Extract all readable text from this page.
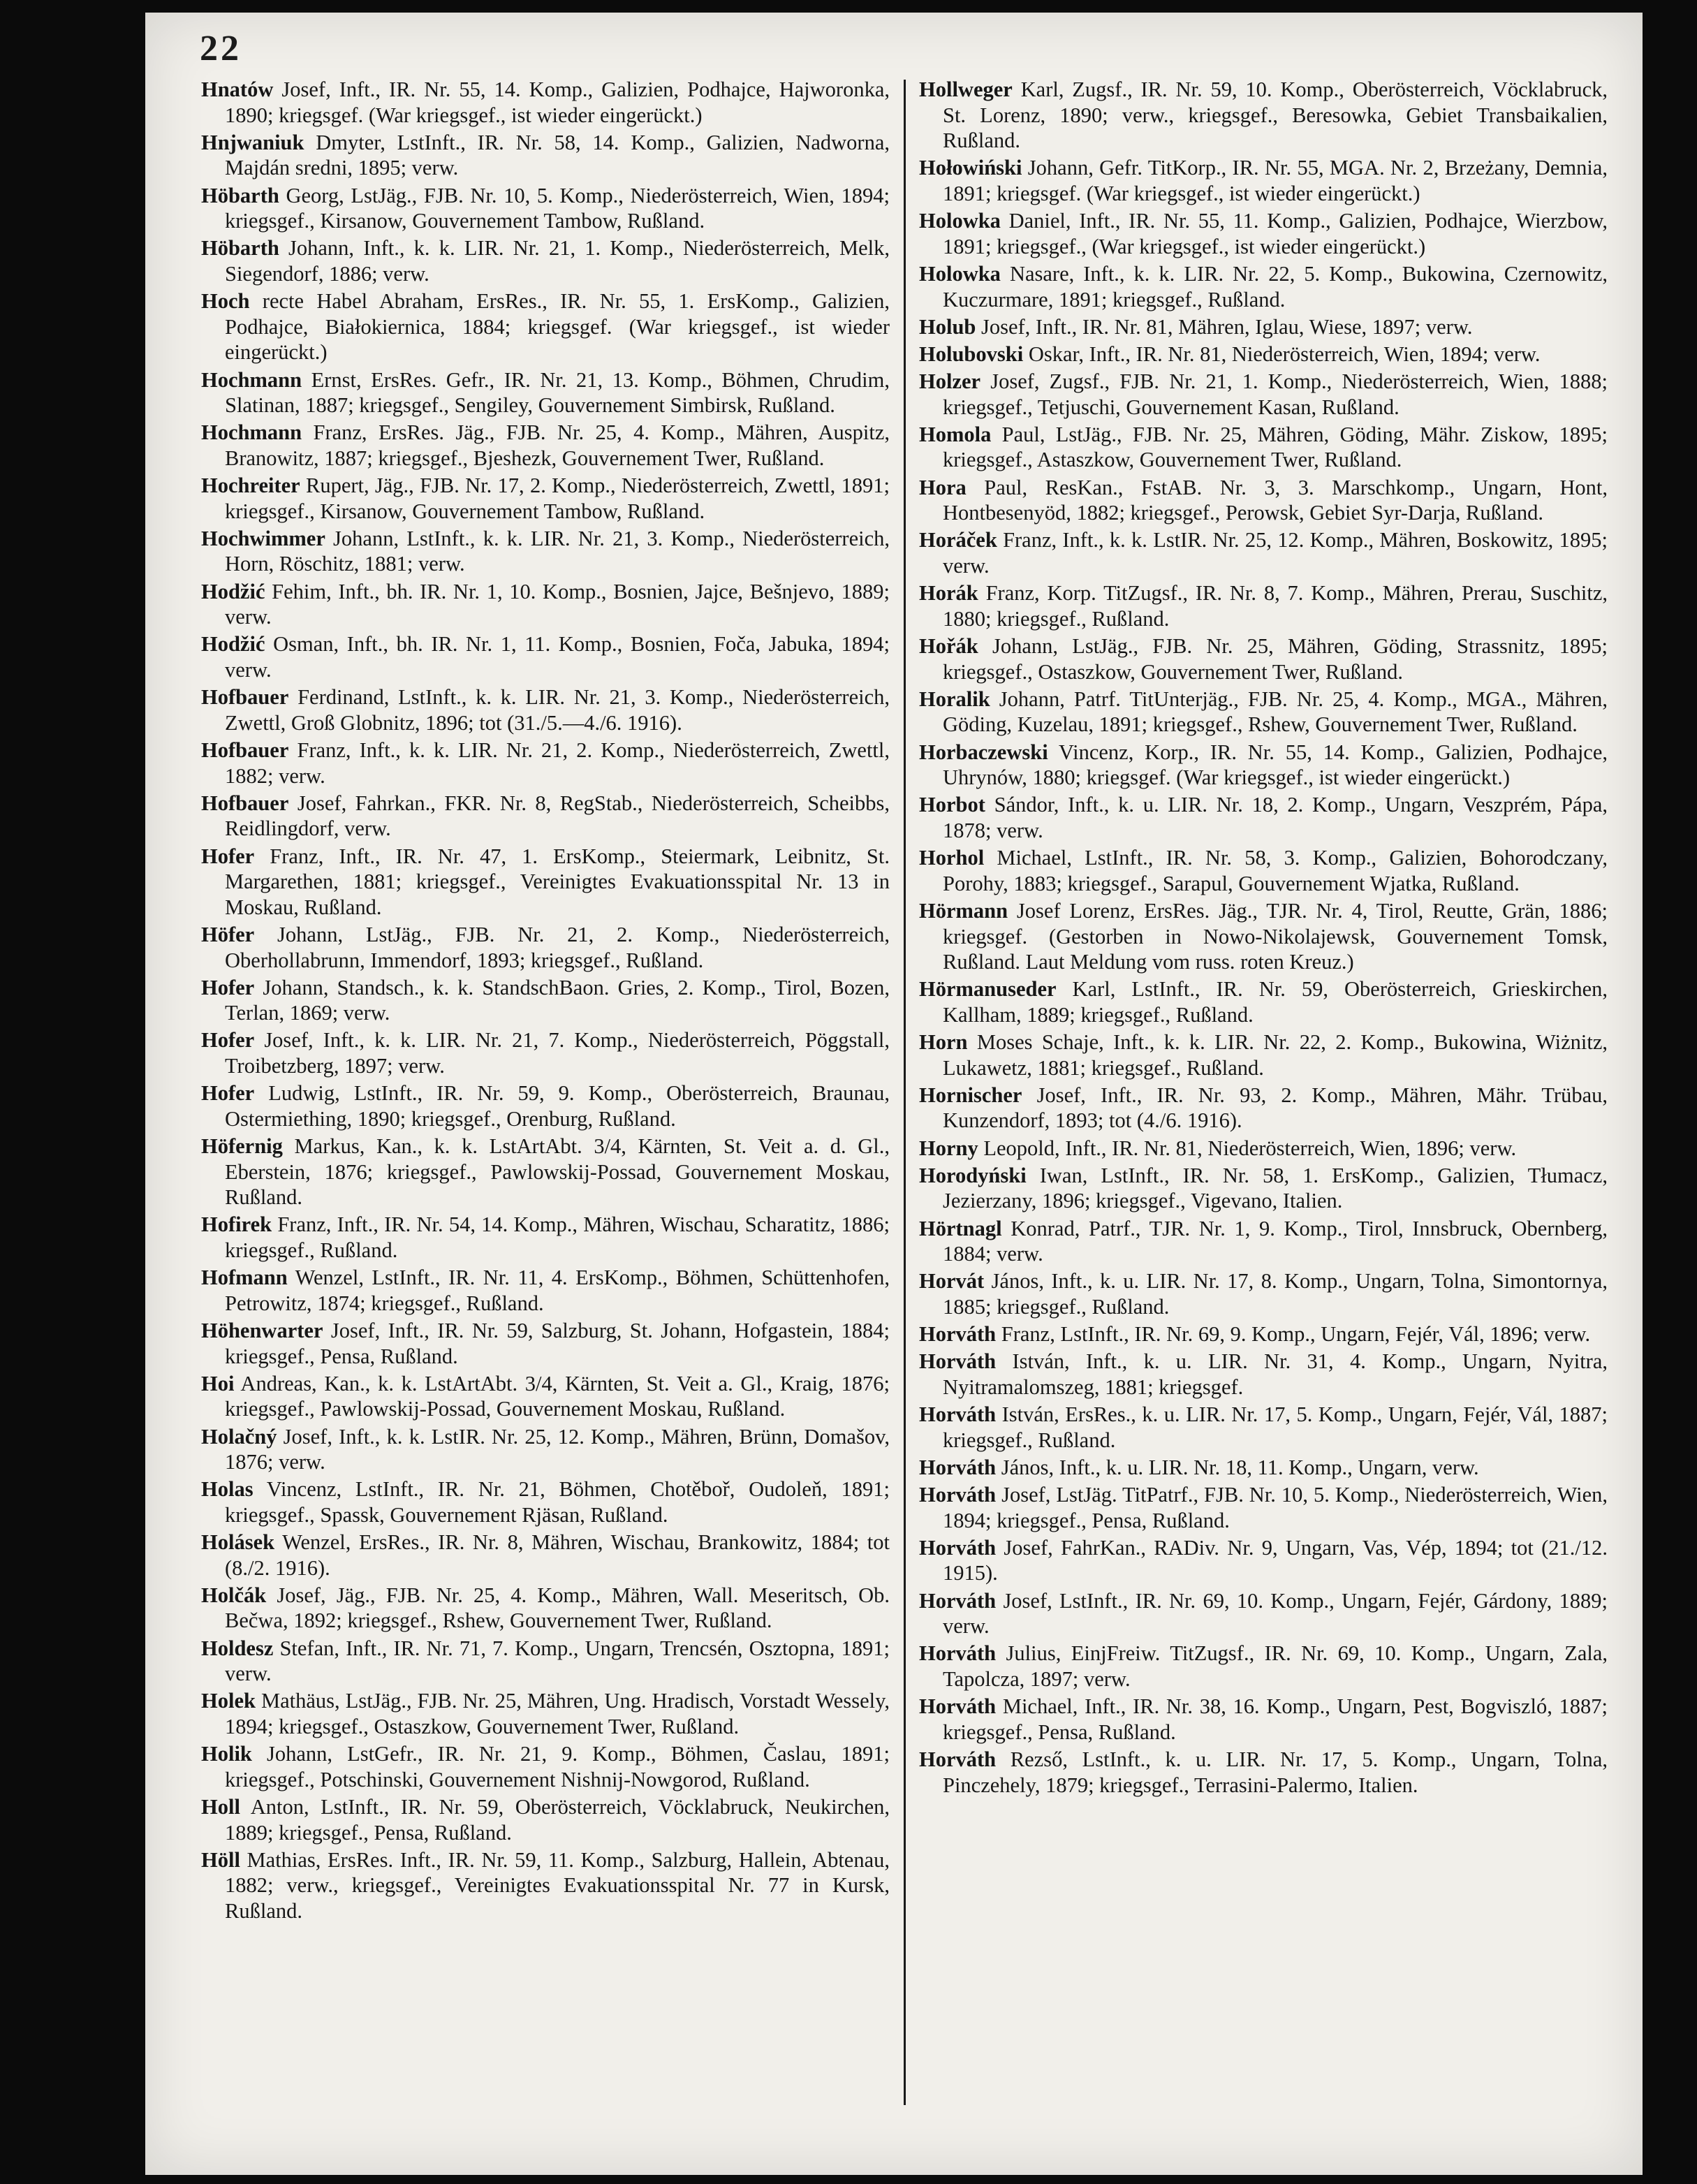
22

Hnatów Josef, Inft., IR. Nr. 55, 14. Komp., Galizien, Podhajce, Hajworonka, 1890; kriegsgef. (War kriegsgef., ist wieder eingerückt.)

Hnjwaniuk Dmyter, LstInft., IR. Nr. 58, 14. Komp., Galizien, Nadworna, Majdán sredni, 1895; verw.

Höbarth Georg, LstJäg., FJB. Nr. 10, 5. Komp., Niederösterreich, Wien, 1894; kriegsgef., Kirsanow, Gouvernement Tambow, Rußland.

Höbarth Johann, Inft., k. k. LIR. Nr. 21, 1. Komp., Niederösterreich, Melk, Siegendorf, 1886; verw.

Hoch recte Habel Abraham, ErsRes., IR. Nr. 55, 1. ErsKomp., Galizien, Podhajce, Białokiernica, 1884; kriegsgef. (War kriegsgef., ist wieder eingerückt.)

Hochmann Ernst, ErsRes. Gefr., IR. Nr. 21, 13. Komp., Böhmen, Chrudim, Slatinan, 1887; kriegsgef., Sengiley, Gouvernement Simbirsk, Rußland.

Hochmann Franz, ErsRes. Jäg., FJB. Nr. 25, 4. Komp., Mähren, Auspitz, Branowitz, 1887; kriegsgef., Bjeshezk, Gouvernement Twer, Rußland.

Hochreiter Rupert, Jäg., FJB. Nr. 17, 2. Komp., Niederösterreich, Zwettl, 1891; kriegsgef., Kirsanow, Gouvernement Tambow, Rußland.

Hochwimmer Johann, LstInft., k. k. LIR. Nr. 21, 3. Komp., Niederösterreich, Horn, Röschitz, 1881; verw.

Hodžić Fehim, Inft., bh. IR. Nr. 1, 10. Komp., Bosnien, Jajce, Bešnjevo, 1889; verw.

Hodžić Osman, Inft., bh. IR. Nr. 1, 11. Komp., Bosnien, Foča, Jabuka, 1894; verw.

Hofbauer Ferdinand, LstInft., k. k. LIR. Nr. 21, 3. Komp., Niederösterreich, Zwettl, Groß Globnitz, 1896; tot (31./5.—4./6. 1916).

Hofbauer Franz, Inft., k. k. LIR. Nr. 21, 2. Komp., Niederösterreich, Zwettl, 1882; verw.

Hofbauer Josef, Fahrkan., FKR. Nr. 8, RegStab., Niederösterreich, Scheibbs, Reidlingdorf, verw.

Hofer Franz, Inft., IR. Nr. 47, 1. ErsKomp., Steiermark, Leibnitz, St. Margarethen, 1881; kriegsgef., Vereinigtes Evakuationsspital Nr. 13 in Moskau, Rußland.

Höfer Johann, LstJäg., FJB. Nr. 21, 2. Komp., Niederösterreich, Oberhollabrunn, Immendorf, 1893; kriegsgef., Rußland.

Hofer Johann, Standsch., k. k. StandschBaon. Gries, 2. Komp., Tirol, Bozen, Terlan, 1869; verw.

Hofer Josef, Inft., k. k. LIR. Nr. 21, 7. Komp., Niederösterreich, Pöggstall, Troibetzberg, 1897; verw.

Hofer Ludwig, LstInft., IR. Nr. 59, 9. Komp., Oberösterreich, Braunau, Ostermiething, 1890; kriegsgef., Orenburg, Rußland.

Höfernig Markus, Kan., k. k. LstArtAbt. 3/4, Kärnten, St. Veit a. d. Gl., Eberstein, 1876; kriegsgef., Pawlowskij-Possad, Gouvernement Moskau, Rußland.

Hofirek Franz, Inft., IR. Nr. 54, 14. Komp., Mähren, Wischau, Scharatitz, 1886; kriegsgef., Rußland.

Hofmann Wenzel, LstInft., IR. Nr. 11, 4. ErsKomp., Böhmen, Schüttenhofen, Petrowitz, 1874; kriegsgef., Rußland.

Höhenwarter Josef, Inft., IR. Nr. 59, Salzburg, St. Johann, Hofgastein, 1884; kriegsgef., Pensa, Rußland.

Hoi Andreas, Kan., k. k. LstArtAbt. 3/4, Kärnten, St. Veit a. Gl., Kraig, 1876; kriegsgef., Pawlowskij-Possad, Gouvernement Moskau, Rußland.

Holačný Josef, Inft., k. k. LstIR. Nr. 25, 12. Komp., Mähren, Brünn, Domašov, 1876; verw.

Holas Vincenz, LstInft., IR. Nr. 21, Böhmen, Chotěboř, Oudoleň, 1891; kriegsgef., Spassk, Gouvernement Rjäsan, Rußland.

Holásek Wenzel, ErsRes., IR. Nr. 8, Mähren, Wischau, Brankowitz, 1884; tot (8./2. 1916).

Holčák Josef, Jäg., FJB. Nr. 25, 4. Komp., Mähren, Wall. Meseritsch, Ob. Bečwa, 1892; kriegsgef., Rshew, Gouvernement Twer, Rußland.

Holdesz Stefan, Inft., IR. Nr. 71, 7. Komp., Ungarn, Trencsén, Osztopna, 1891; verw.

Holek Mathäus, LstJäg., FJB. Nr. 25, Mähren, Ung. Hradisch, Vorstadt Wessely, 1894; kriegsgef., Ostaszkow, Gouvernement Twer, Rußland.

Holik Johann, LstGefr., IR. Nr. 21, 9. Komp., Böhmen, Časlau, 1891; kriegsgef., Potschinski, Gouvernement Nishnij-Nowgorod, Rußland.

Holl Anton, LstInft., IR. Nr. 59, Oberösterreich, Vöcklabruck, Neukirchen, 1889; kriegsgef., Pensa, Rußland.

Höll Mathias, ErsRes. Inft., IR. Nr. 59, 11. Komp., Salzburg, Hallein, Abtenau, 1882; verw., kriegsgef., Vereinigtes Evakuationsspital Nr. 77 in Kursk, Rußland.

Hollweger Karl, Zugsf., IR. Nr. 59, 10. Komp., Oberösterreich, Vöcklabruck, St. Lorenz, 1890; verw., kriegsgef., Beresowka, Gebiet Transbaikalien, Rußland.

Hołowiński Johann, Gefr. TitKorp., IR. Nr. 55, MGA. Nr. 2, Brzeżany, Demnia, 1891; kriegsgef. (War kriegsgef., ist wieder eingerückt.)

Holowka Daniel, Inft., IR. Nr. 55, 11. Komp., Galizien, Podhajce, Wierzbow, 1891; kriegsgef., (War kriegsgef., ist wieder eingerückt.)

Holowka Nasare, Inft., k. k. LIR. Nr. 22, 5. Komp., Bukowina, Czernowitz, Kuczurmare, 1891; kriegsgef., Rußland.

Holub Josef, Inft., IR. Nr. 81, Mähren, Iglau, Wiese, 1897; verw.

Holubovski Oskar, Inft., IR. Nr. 81, Niederösterreich, Wien, 1894; verw.

Holzer Josef, Zugsf., FJB. Nr. 21, 1. Komp., Niederösterreich, Wien, 1888; kriegsgef., Tetjuschi, Gouvernement Kasan, Rußland.

Homola Paul, LstJäg., FJB. Nr. 25, Mähren, Göding, Mähr. Ziskow, 1895; kriegsgef., Astaszkow, Gouvernement Twer, Rußland.

Hora Paul, ResKan., FstAB. Nr. 3, 3. Marschkomp., Ungarn, Hont, Hontbesenyöd, 1882; kriegsgef., Perowsk, Gebiet Syr-Darja, Rußland.

Horáček Franz, Inft., k. k. LstIR. Nr. 25, 12. Komp., Mähren, Boskowitz, 1895; verw.

Horák Franz, Korp. TitZugsf., IR. Nr. 8, 7. Komp., Mähren, Prerau, Suschitz, 1880; kriegsgef., Rußland.

Hořák Johann, LstJäg., FJB. Nr. 25, Mähren, Göding, Strassnitz, 1895; kriegsgef., Ostaszkow, Gouvernement Twer, Rußland.

Horalik Johann, Patrf. TitUnterjäg., FJB. Nr. 25, 4. Komp., MGA., Mähren, Göding, Kuzelau, 1891; kriegsgef., Rshew, Gouvernement Twer, Rußland.

Horbaczewski Vincenz, Korp., IR. Nr. 55, 14. Komp., Galizien, Podhajce, Uhrynów, 1880; kriegsgef. (War kriegsgef., ist wieder eingerückt.)

Horbot Sándor, Inft., k. u. LIR. Nr. 18, 2. Komp., Ungarn, Veszprém, Pápa, 1878; verw.

Horhol Michael, LstInft., IR. Nr. 58, 3. Komp., Galizien, Bohorodczany, Porohy, 1883; kriegsgef., Sarapul, Gouvernement Wjatka, Rußland.

Hörmann Josef Lorenz, ErsRes. Jäg., TJR. Nr. 4, Tirol, Reutte, Grän, 1886; kriegsgef. (Gestorben in Nowo-Nikolajewsk, Gouvernement Tomsk, Rußland. Laut Meldung vom russ. roten Kreuz.)

Hörmanuseder Karl, LstInft., IR. Nr. 59, Oberösterreich, Grieskirchen, Kallham, 1889; kriegsgef., Rußland.

Horn Moses Schaje, Inft., k. k. LIR. Nr. 22, 2. Komp., Bukowina, Wiżnitz, Lukawetz, 1881; kriegsgef., Rußland.

Hornischer Josef, Inft., IR. Nr. 93, 2. Komp., Mähren, Mähr. Trübau, Kunzendorf, 1893; tot (4./6. 1916).

Horny Leopold, Inft., IR. Nr. 81, Niederösterreich, Wien, 1896; verw.

Horodyński Iwan, LstInft., IR. Nr. 58, 1. ErsKomp., Galizien, Tłumacz, Jezierzany, 1896; kriegsgef., Vigevano, Italien.

Hörtnagl Konrad, Patrf., TJR. Nr. 1, 9. Komp., Tirol, Innsbruck, Obernberg, 1884; verw.

Horvát János, Inft., k. u. LIR. Nr. 17, 8. Komp., Ungarn, Tolna, Simontornya, 1885; kriegsgef., Rußland.

Horváth Franz, LstInft., IR. Nr. 69, 9. Komp., Ungarn, Fejér, Vál, 1896; verw.

Horváth István, Inft., k. u. LIR. Nr. 31, 4. Komp., Ungarn, Nyitra, Nyitramalomszeg, 1881; kriegsgef.

Horváth István, ErsRes., k. u. LIR. Nr. 17, 5. Komp., Ungarn, Fejér, Vál, 1887; kriegsgef., Rußland.

Horváth János, Inft., k. u. LIR. Nr. 18, 11. Komp., Ungarn, verw.

Horváth Josef, LstJäg. TitPatrf., FJB. Nr. 10, 5. Komp., Niederösterreich, Wien, 1894; kriegsgef., Pensa, Rußland.

Horváth Josef, FahrKan., RADiv. Nr. 9, Ungarn, Vas, Vép, 1894; tot (21./12. 1915).

Horváth Josef, LstInft., IR. Nr. 69, 10. Komp., Ungarn, Fejér, Gárdony, 1889; verw.

Horváth Julius, EinjFreiw. TitZugsf., IR. Nr. 69, 10. Komp., Ungarn, Zala, Tapolcza, 1897; verw.

Horváth Michael, Inft., IR. Nr. 38, 16. Komp., Ungarn, Pest, Bogviszló, 1887; kriegsgef., Pensa, Rußland.

Horváth Rezső, LstInft., k. u. LIR. Nr. 17, 5. Komp., Ungarn, Tolna, Pinczehely, 1879; kriegsgef., Terrasini-Palermo, Italien.
